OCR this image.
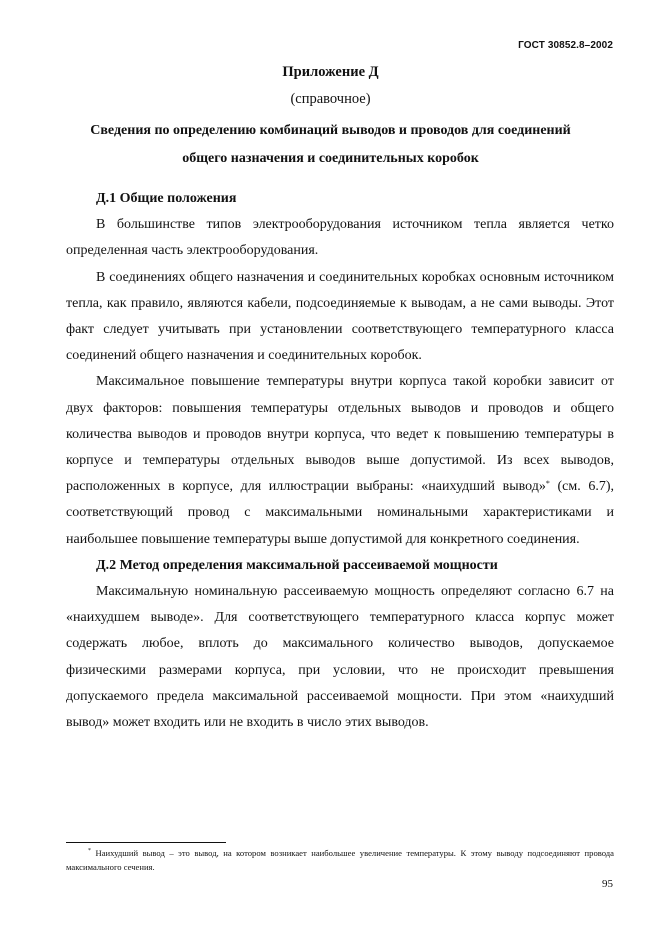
ГОСТ 30852.8–2002
Приложение Д
(справочное)
Сведения по определению комбинаций выводов и проводов для соединений
общего назначения и соединительных коробок

Д.1 Общие положения

В большинстве типов электрооборудования источником тепла является четко определенная часть электрооборудования.

В соединениях общего назначения и соединительных коробках основным источником тепла, как правило, являются кабели, подсоединяемые к выводам, а не сами выводы. Этот факт следует учитывать при установлении соответствующего температурного класса соединений общего назначения и соединительных коробок.

Максимальное повышение температуры внутри корпуса такой коробки зависит от двух факторов: повышения температуры отдельных выводов и проводов и общего количества выводов и проводов внутри корпуса, что ведет к повышению температуры в корпусе и температуры отдельных выводов выше допустимой. Из всех выводов, расположенных в корпусе, для иллюстрации выбраны: «наихудший вывод»* (см. 6.7), соответствующий провод с максимальными номинальными характеристиками и наибольшее повышение температуры выше допустимой для конкретного соединения.

Д.2 Метод определения максимальной рассеиваемой мощности

Максимальную номинальную рассеиваемую мощность определяют согласно 6.7 на «наихудшем выводе». Для соответствующего температурного класса корпус может содержать любое, вплоть до максимального количество выводов, допускаемое физическими размерами корпуса, при условии, что не происходит превышения допускаемого предела максимальной рассеиваемой мощности. При этом «наихудший вывод» может входить или не входить в число этих выводов.

* Наихудший вывод – это вывод, на котором возникает наибольшее увеличение температуры. К этому выводу подсоединяют провода максимального сечения.
95
